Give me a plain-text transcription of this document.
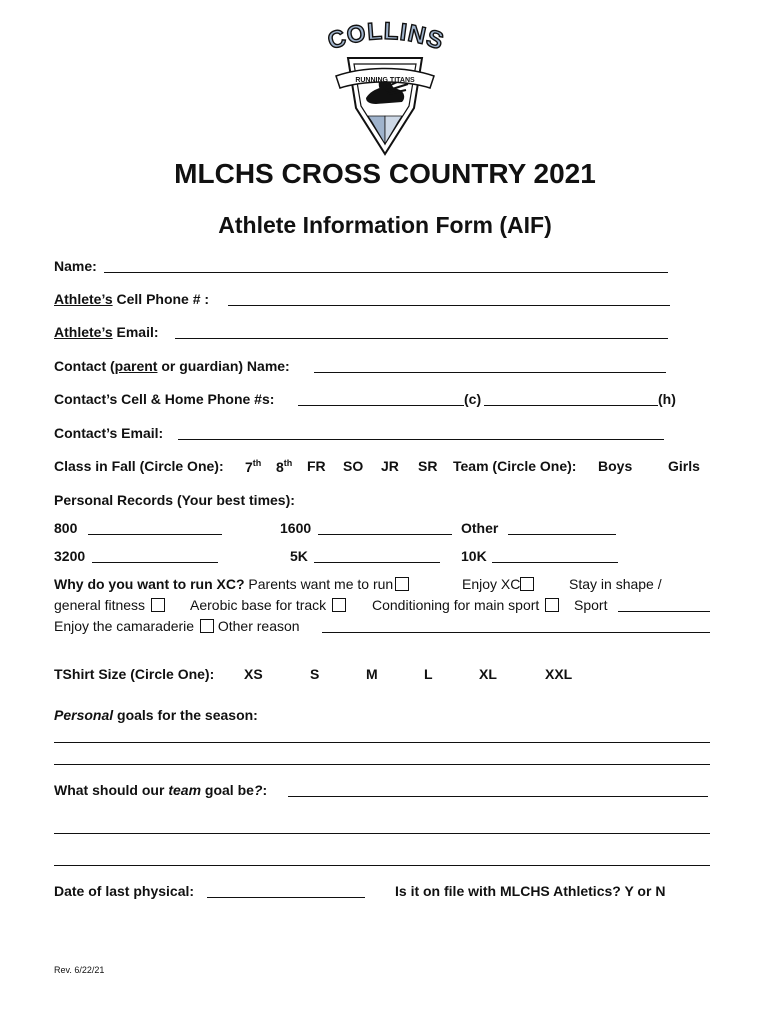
RUNNING TITANS
COLLINS
MLCHS CROSS COUNTRY 2021
Athlete Information Form (AIF)
Name:
Athlete’s Cell Phone # :
Athlete’s Email:
Contact (parent or guardian) Name:
Contact’s Cell & Home Phone #s:	(c)	(h)
Contact’s Email:
Class in Fall (Circle One): 7th 8th FR SO JR SR Team (Circle One): Boys	Girls
Personal Records (Your best times):
800	1600	Other
3200	5K	10K
Why do you want to run XC? Parents want me to run	Enjoy XC	Stay in shape /
general fitness	Aerobic base for track	Conditioning for main sport	Sport
Enjoy the camaraderie  Other reason
TShirt Size (Circle One): XS	S	M	L	XL	XXL
Personal goals for the season:
What should our team goal be?:
Date of last physical:	Is it on file with MLCHS Athletics? Y or N
Rev. 6/22/21
